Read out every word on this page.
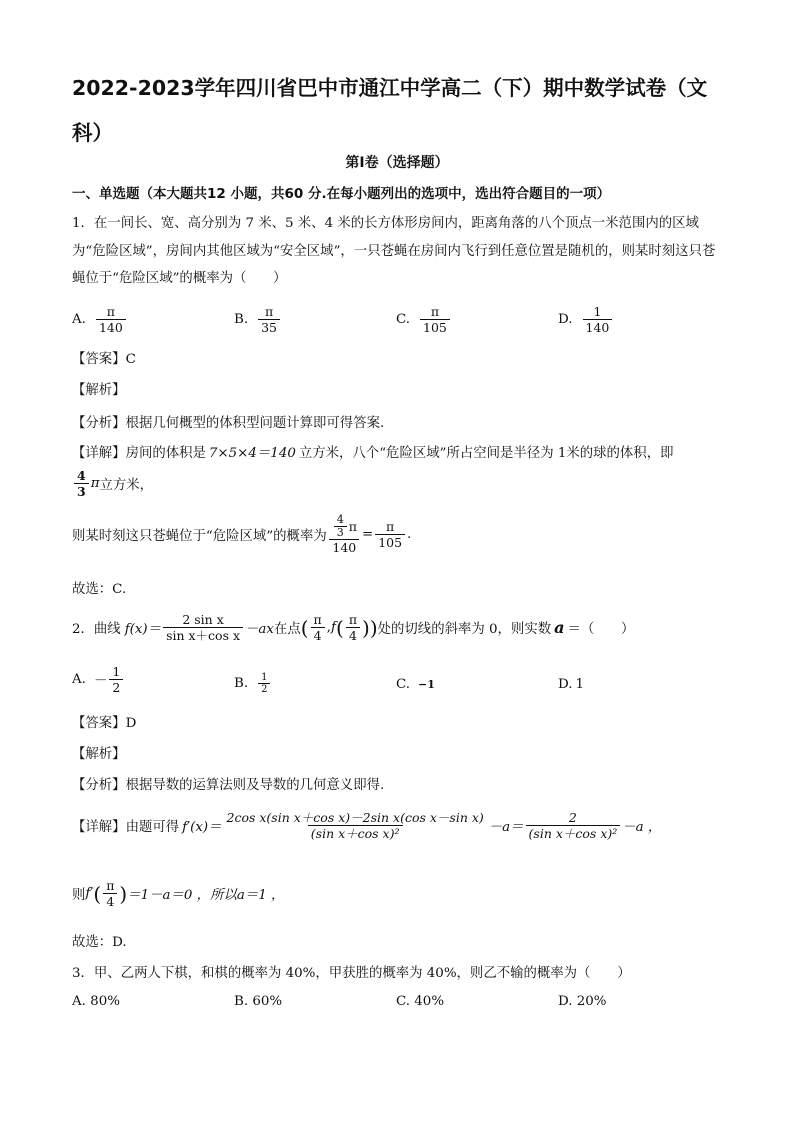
2022-2023学年四川省巴中市通江中学高二（下）期中数学试卷（文科）
第I卷（选择题）
一、单选题（本大题共12 小题，共60 分.在每小题列出的选项中，选出符合题目的一项）
1．在一间长、宽、高分别为 7 米、5 米、4 米的长方体形房间内，距离角落的八个顶点一米范围内的区域为“危险区域”，房间内其他区域为“安全区域”，一只苍蝇在房间内飞行到任意位置是随机的，则某时刻这只苍蝇位于“危险区域”的概率为（　　）
A. $\frac{\pi}{140}$	B. $\frac{\pi}{35}$	C. $\frac{\pi}{105}$	D. $\frac{1}{140}$
【答案】C
【解析】
【分析】根据几何概型的体积型问题计算即可得答案.
【详解】房间的体积是 7×5×4＝140 立方米，八个“危险区域”所占空间是半径为 1米的球的体积，即
$\frac{4}{3}$ π 立方米，
则某时刻这只苍蝇位于“危险区域”的概率为 $\frac{\frac{4}{3} \pi}{140} = \frac{\pi}{105}$ .
故选：C.
2．曲线 $f(x)= \frac{\text{2 sin x}}{\text{sin x＋cos x}} -ax$ 在点 ( $\frac{\pi}{4}$ , f ( $\frac{\pi}{4}$ )) 处的切线的斜率为 0，则实数 a ＝（　　）
A. － $\frac{1}{2}$	B. $\frac{1}{2}$	C. −1	D. 1
【答案】D
【解析】
【分析】根据导数的运算法则及导数的几何意义即得.
【详解】 由题可得 $f'(x)= \frac{\text{2cos x(sin x＋cos x)－2sin x(cos x－sin x)}}{\text{(sin x＋cos x)²}} -a= \frac{2}{\text{(sin x＋cos x)²}} -a$ ，
则 f′ ( $\frac{\pi}{4}$ ) ＝1－a＝0 ，所以 a＝1 ，
故选：D.
3．甲、乙两人下棋，和棋的概率为 40%，甲获胜的概率为 40%，则乙不输的概率为（　　）
A. 80%	B. 60%	C. 40%	D. 20%
